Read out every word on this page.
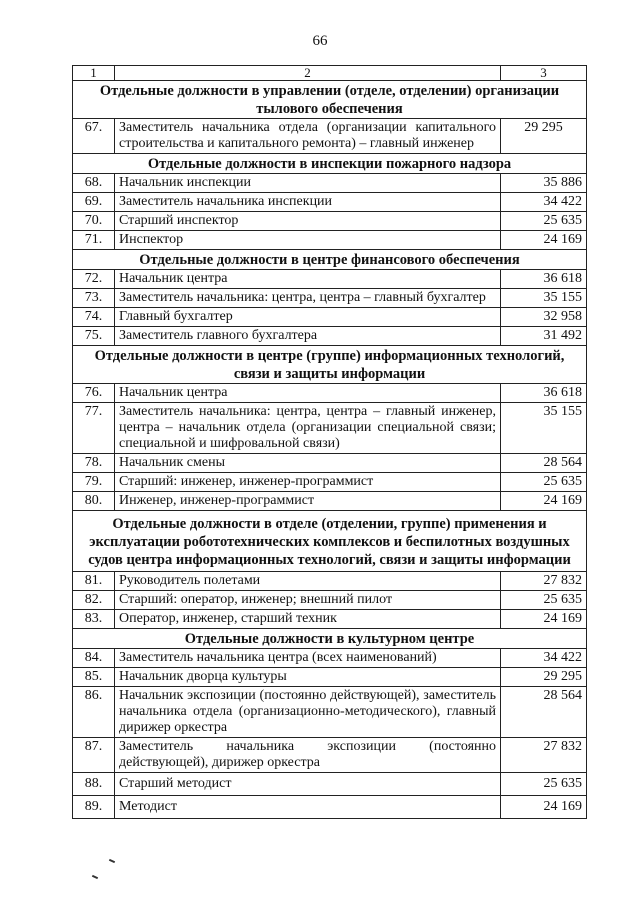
66
1	2	3
Отдельные должности в управлении (отделе, отделении) организации тылового обеспечения		
67.	Заместитель начальника отдела (организации капитального строительства и капитального ремонта) – главный инженер	29 295
Отдельные должности в инспекции пожарного надзора		
68.	Начальник инспекции	35 886
69.	Заместитель начальника инспекции	34 422
70.	Старший инспектор	25 635
71.	Инспектор	24 169
Отдельные должности в центре финансового обеспечения		
72.	Начальник центра	36 618
73.	Заместитель начальника: центра, центра – главный бухгалтер	35 155
74.	Главный бухгалтер	32 958
75.	Заместитель главного бухгалтера	31 492
Отдельные должности в центре (группе) информационных технологий, связи и защиты информации		
76.	Начальник центра	36 618
77.	Заместитель начальника: центра, центра – главный инженер, центра – начальник отдела (организации специальной связи; специальной и шифровальной связи)	35 155
78.	Начальник смены	28 564
79.	Старший: инженер, инженер-программист	25 635
80.	Инженер, инженер-программист	24 169
Отдельные должности в отделе (отделении, группе) применения и эксплуатации робототехнических комплексов и беспилотных воздушных судов центра информационных технологий, связи и защиты информации		
81.	Руководитель полетами	27 832
82.	Старший: оператор, инженер; внешний пилот	25 635
83.	Оператор, инженер, старший техник	24 169
Отдельные должности в культурном центре		
84.	Заместитель начальника центра (всех наименований)	34 422
85.	Начальник дворца культуры	29 295
86.	Начальник экспозиции (постоянно действующей), заместитель начальника отдела (организационно-методического), главный дирижер оркестра	28 564
87.	Заместитель начальника экспозиции (постоянно действующей), дирижер оркестра	27 832
88.	Старший методист	25 635
89.	Методист	24 169
